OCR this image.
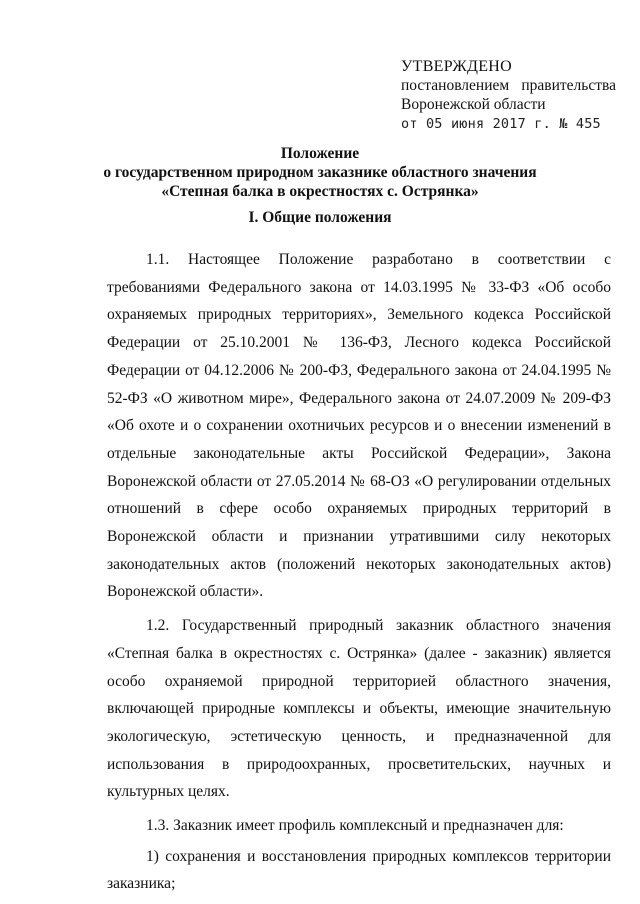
УТВЕРЖДЕНО
постановлением правительства
Воронежской области
от 05 июня 2017 г. № 455
Положение
о государственном природном заказнике областного значения
«Степная балка в окрестностях с. Острянка»
I. Общие положения

1.1. Настоящее Положение разработано в соответствии с требованиями Федерального закона от 14.03.1995 № 33-ФЗ «Об особо охраняемых природных территориях», Земельного кодекса Российской Федерации от 25.10.2001 № 136-ФЗ, Лесного кодекса Российской Федерации от 04.12.2006 № 200-ФЗ, Федерального закона от 24.04.1995 № 52-ФЗ «О животном мире», Федерального закона от 24.07.2009 № 209-ФЗ «Об охоте и о сохранении охотничьих ресурсов и о внесении изменений в отдельные законодательные акты Российской Федерации», Закона Воронежской области от 27.05.2014 № 68-ОЗ «О регулировании отдельных отношений в сфере особо охраняемых природных территорий в Воронежской области и признании утратившими силу некоторых законодательных актов (положений некоторых законодательных актов) Воронежской области».

1.2. Государственный природный заказник областного значения «Степная балка в окрестностях с. Острянка» (далее - заказник) является особо охраняемой природной территорией областного значения, включающей природные комплексы и объекты, имеющие значительную экологическую, эстетическую ценность, и предназначенной для использования в природоохранных, просветительских, научных и культурных целях.

1.3. Заказник имеет профиль комплексный и предназначен для:

1) сохранения и восстановления природных комплексов территории заказника;
